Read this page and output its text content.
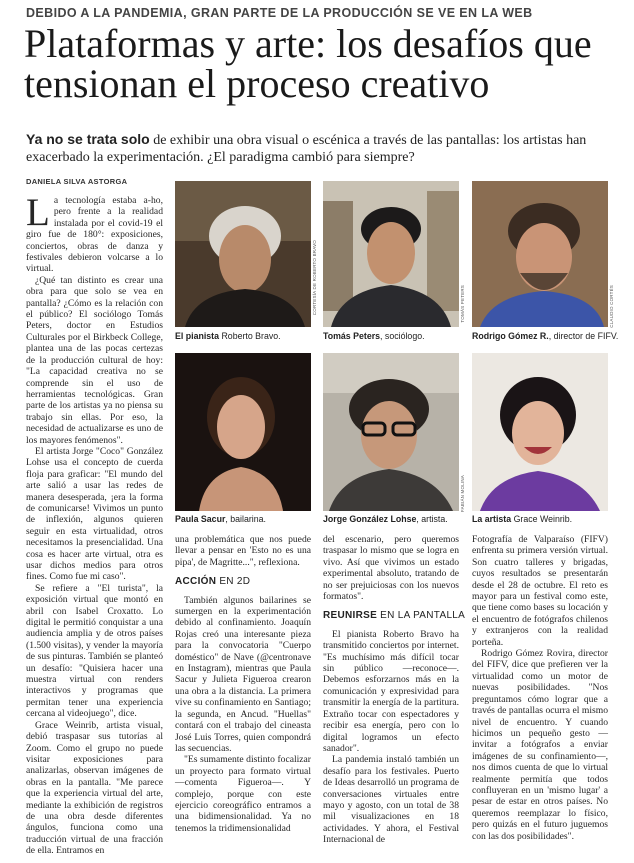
DEBIDO A LA PANDEMIA, GRAN PARTE DE LA PRODUCCIÓN SE VE EN LA WEB
Plataformas y arte: los desafíos que
tensionan el proceso creativo
Ya no se trata solo de exhibir una obra visual o escénica a través de las pantallas: los artistas han exacerbado la experimentación. ¿El paradigma cambió para siempre?
DANIELA SILVA ASTORGA

La tecnología estaba a-ho, pero frente a la realidad instalada por el covid-19 el giro fue de 180°: exposiciones, conciertos, obras de danza y festivales debieron volcarse a lo virtual.

¿Qué tan distinto es crear una obra para que solo se vea en pantalla? ¿Cómo es la relación con el público? El sociólogo Tomás Peters, doctor en Estudios Culturales por el Birkbeck College, plantea una de las pocas certezas de la producción cultural de hoy: "La capacidad creativa no se comprende sin el uso de herramientas tecnológicas. Gran parte de los artistas ya no piensa su trabajo sin ellas. Por eso, la necesidad de actualizarse es uno de los mayores fenómenos".

El artista Jorge "Coco" González Lohse usa el concepto de cuerda floja para graficar: "El mundo del arte salió a usar las redes de manera desesperada, ¡era la forma de comunicarse! Vivimos un punto de inflexión, algunos quieren seguir en esta virtualidad, otros necesitamos la presencialidad. Una cosa es hacer arte virtual, otra es usar dichos medios para otros fines. Como fue mi caso".

Se refiere a "El turista", la exposición virtual que montó en abril con Isabel Croxatto. Lo digital le permitió conquistar a una audiencia amplia y de otros países (1.500 visitas), y vender la mayoría de sus pinturas. También se planteó un desafío: "Quisiera hacer una muestra virtual con renders interactivos y programas que permitan tener una experiencia cercana al videojuego", dice.

Grace Weinrib, artista visual, debió traspasar sus tutorías al Zoom. Como el grupo no puede visitar exposiciones para analizarlas, observan imágenes de obras en la pantalla. "Me parece que la experiencia virtual del arte, mediante la exhibición de registros de una obra desde diferentes ángulos, funciona como una traducción virtual de una fracción de ella. Entramos en

CORTESÍA DE ROBERTO BRAVO	TOMÁS PETERS	CLAUDIO CORTÉS
El pianista Roberto Bravo.	Tomás Peters, sociólogo.	Rodrigo Gómez R., director de FIFV.
FABIÁN MOLINA
Paula Sacur, bailarina.	Jorge González Lohse, artista.	La artista Grace Weinrib.

una problemática que nos puede llevar a pensar en 'Esto no es una pipa', de Magritte...", reflexiona.

ACCIÓN EN 2D

También algunos bailarines se sumergen en la experimentación debido al confinamiento. Joaquín Rojas creó una interesante pieza para la convocatoria "Cuerpo doméstico" de Nave (@centronave en Instagram), mientras que Paula Sacur y Julieta Figueroa crearon una obra a la distancia. La primera vive su confinamiento en Santiago; la segunda, en Ancud. "Huellas" contará con el trabajo del cineasta José Luis Torres, quien compondrá las secuencias.

"Es sumamente distinto focalizar un proyecto para formato virtual —comenta Figueroa—. Y complejo, porque con este ejercicio coreográfico entramos a una bidimensionalidad. Ya no tenemos la tridimensionalidad

del escenario, pero queremos traspasar lo mismo que se logra en vivo. Así que vivimos un estado experimental absoluto, tratando de no ser prejuiciosas con los nuevos formatos".

REUNIRSE EN LA PANTALLA

El pianista Roberto Bravo ha transmitido conciertos por internet. "Es muchísimo más difícil tocar sin público —reconoce—. Debemos esforzarnos más en la comunicación y expresividad para transmitir la energía de la partitura. Extraño tocar con espectadores y recibir esa energía, pero con lo digital logramos un efecto sanador".

La pandemia instaló también un desafío para los festivales. Puerto de Ideas desarrolló un programa de conversaciones virtuales entre mayo y agosto, con un total de 38 mil visualizaciones en 18 actividades. Y ahora, el Festival Internacional de

Fotografía de Valparaíso (FIFV) enfrenta su primera versión virtual. Son cuatro talleres y brigadas, cuyos resultados se presentarán desde el 28 de octubre. El reto es mayor para un festival como este, que tiene como bases su locación y el encuentro de fotógrafos chilenos y extranjeros con la realidad porteña.

Rodrigo Gómez Rovira, director del FIFV, dice que prefieren ver la virtualidad como un motor de nuevas posibilidades. "Nos preguntamos cómo lograr que a través de pantallas ocurra el mismo nivel de encuentro. Y cuando hicimos un pequeño gesto —invitar a fotógrafos a enviar imágenes de su confinamiento—, nos dimos cuenta de que lo virtual realmente permitía que todos confluyeran en un 'mismo lugar' a pesar de estar en otros países. No queremos reemplazar lo físico, pero quizás en el futuro juguemos con las dos posibilidades".
